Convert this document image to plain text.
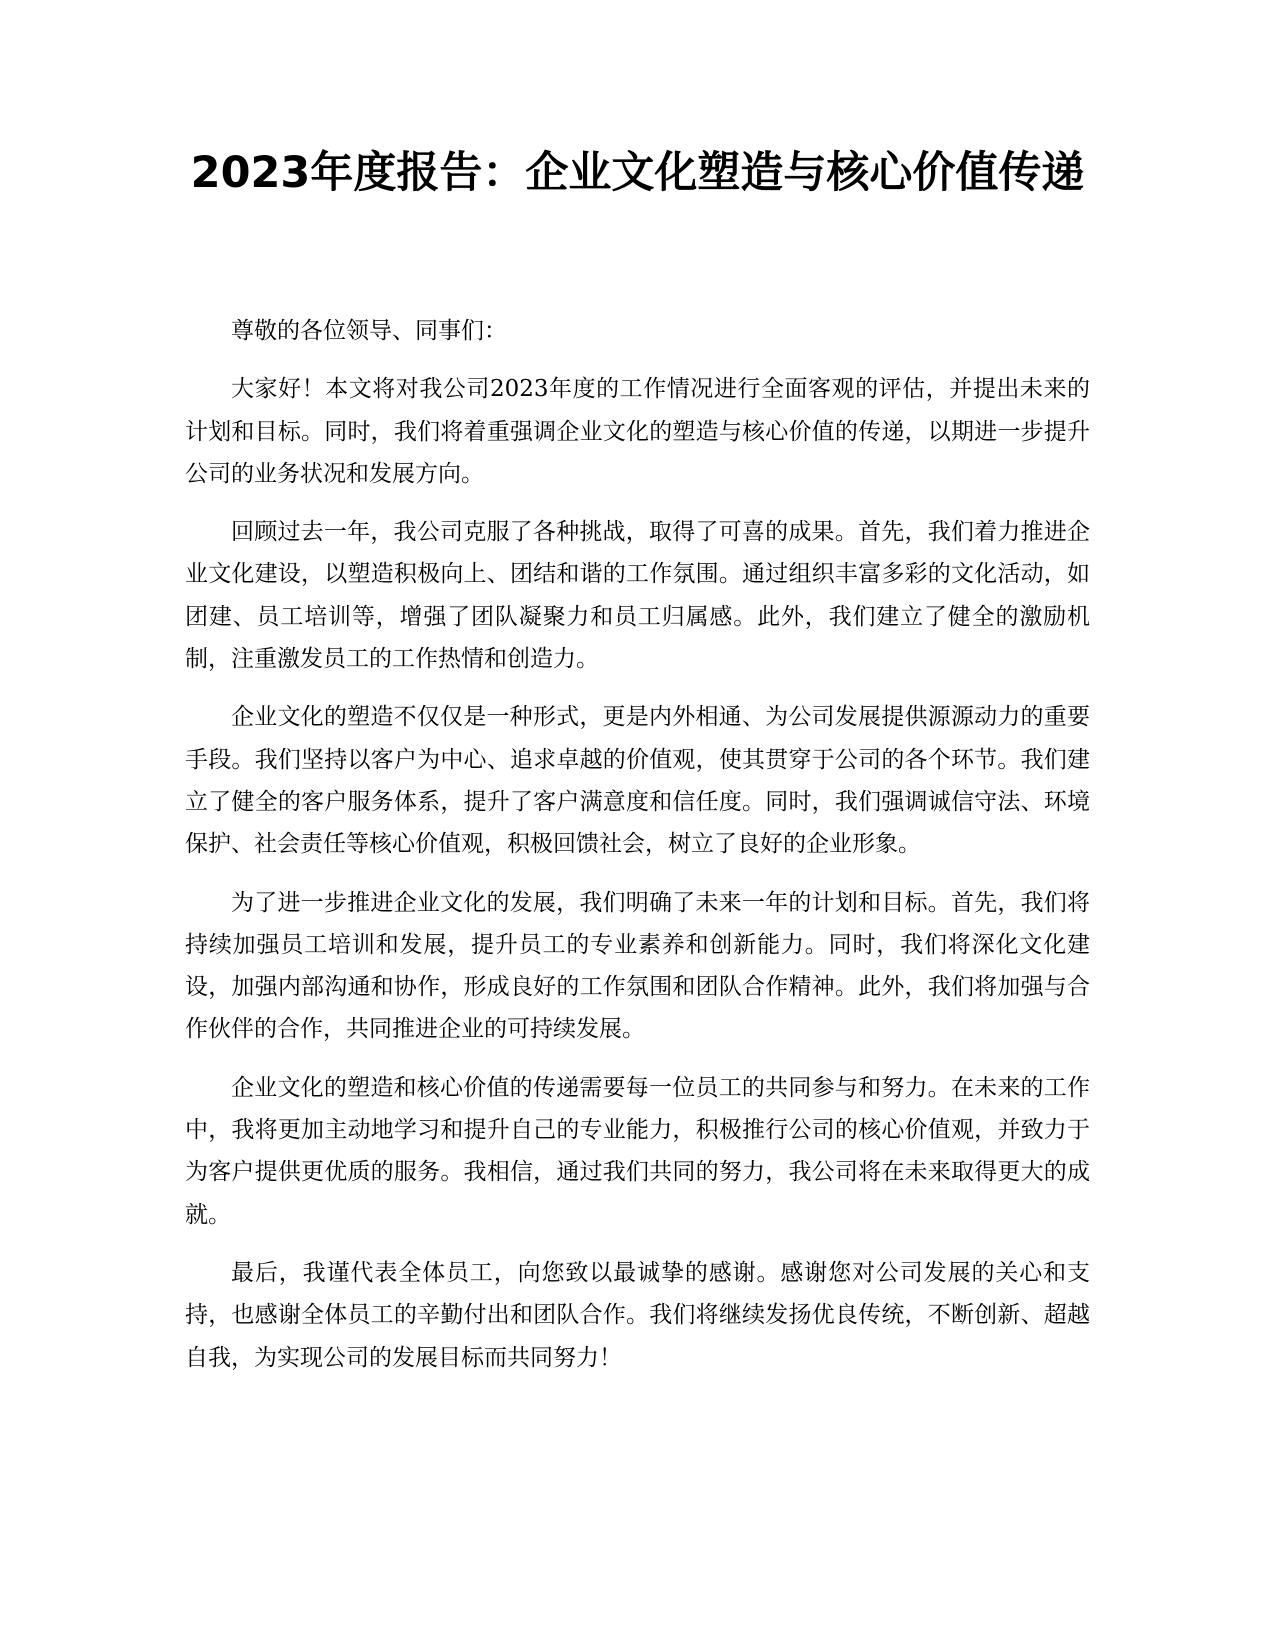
2023年度报告：企业文化塑造与核心价值传递

尊敬的各位领导、同事们：

大家好！本文将对我公司2023年度的工作情况进行全面客观的评估，并提出未来的计划和目标。同时，我们将着重强调企业文化的塑造与核心价值的传递，以期进一步提升公司的业务状况和发展方向。

回顾过去一年，我公司克服了各种挑战，取得了可喜的成果。首先，我们着力推进企业文化建设，以塑造积极向上、团结和谐的工作氛围。通过组织丰富多彩的文化活动，如团建、员工培训等，增强了团队凝聚力和员工归属感。此外，我们建立了健全的激励机制，注重激发员工的工作热情和创造力。

企业文化的塑造不仅仅是一种形式，更是内外相通、为公司发展提供源源动力的重要手段。我们坚持以客户为中心、追求卓越的价值观，使其贯穿于公司的各个环节。我们建立了健全的客户服务体系，提升了客户满意度和信任度。同时，我们强调诚信守法、环境保护、社会责任等核心价值观，积极回馈社会，树立了良好的企业形象。

为了进一步推进企业文化的发展，我们明确了未来一年的计划和目标。首先，我们将持续加强员工培训和发展，提升员工的专业素养和创新能力。同时，我们将深化文化建设，加强内部沟通和协作，形成良好的工作氛围和团队合作精神。此外，我们将加强与合作伙伴的合作，共同推进企业的可持续发展。

企业文化的塑造和核心价值的传递需要每一位员工的共同参与和努力。在未来的工作中，我将更加主动地学习和提升自己的专业能力，积极推行公司的核心价值观，并致力于为客户提供更优质的服务。我相信，通过我们共同的努力，我公司将在未来取得更大的成就。

最后，我谨代表全体员工，向您致以最诚挚的感谢。感谢您对公司发展的关心和支持，也感谢全体员工的辛勤付出和团队合作。我们将继续发扬优良传统，不断创新、超越自我，为实现公司的发展目标而共同努力！
